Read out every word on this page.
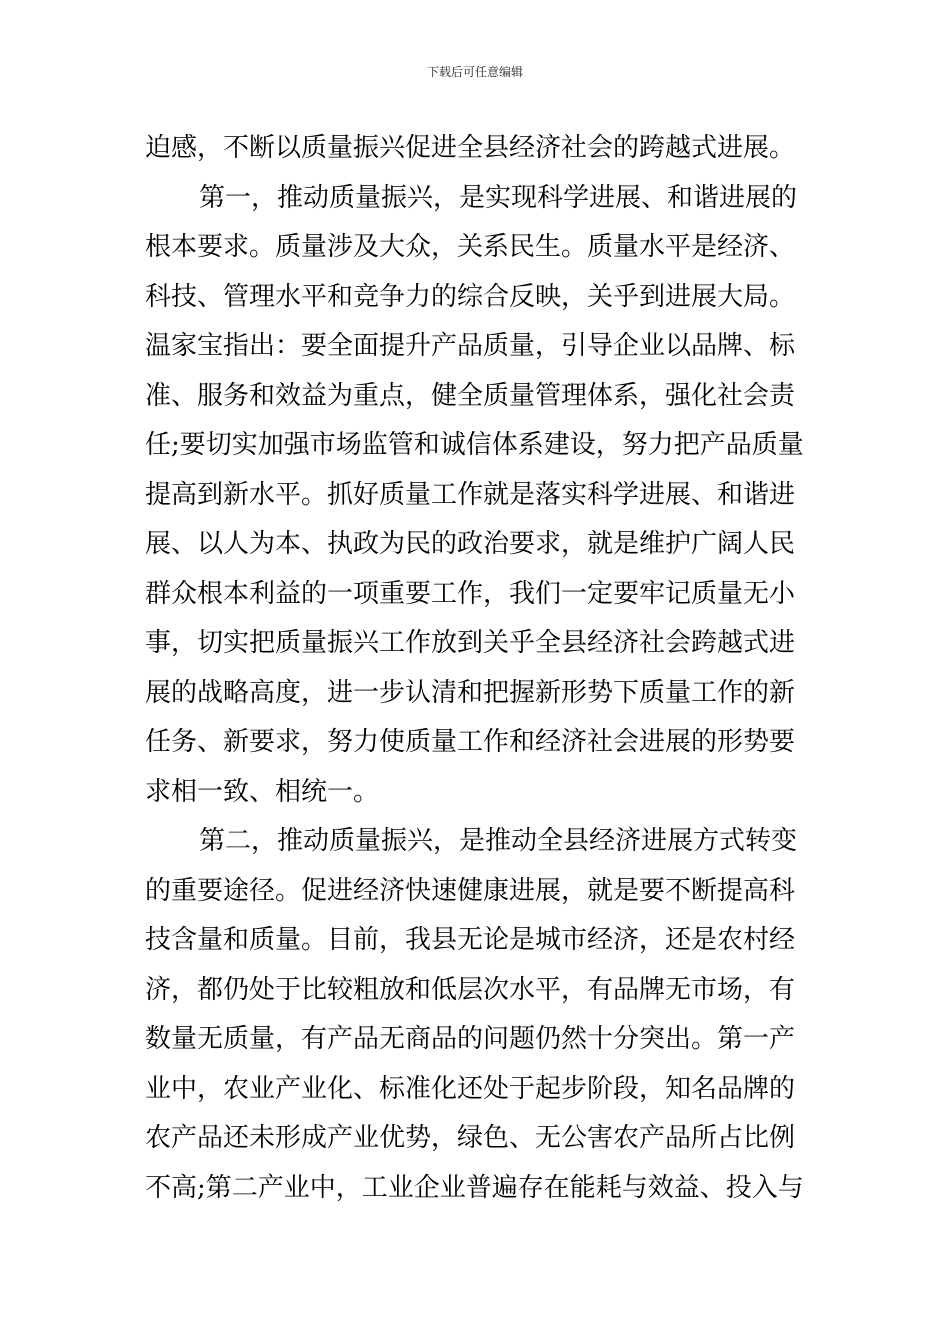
下载后可任意编辑
迫感，不断以质量振兴促进全县经济社会的跨越式进展。
第一，推动质量振兴，是实现科学进展、和谐进展的
根本要求。质量涉及大众，关系民生。质量水平是经济、
科技、管理水平和竞争力的综合反映，关乎到进展大局。
温家宝指出：要全面提升产品质量，引导企业以品牌、标
准、服务和效益为重点，健全质量管理体系，强化社会责
任;要切实加强市场监管和诚信体系建设，努力把产品质量
提高到新水平。抓好质量工作就是落实科学进展、和谐进
展、以人为本、执政为民的政治要求，就是维护广阔人民
群众根本利益的一项重要工作，我们一定要牢记质量无小
事，切实把质量振兴工作放到关乎全县经济社会跨越式进
展的战略高度，进一步认清和把握新形势下质量工作的新
任务、新要求，努力使质量工作和经济社会进展的形势要
求相一致、相统一。
第二，推动质量振兴，是推动全县经济进展方式转变
的重要途径。促进经济快速健康进展，就是要不断提高科
技含量和质量。目前，我县无论是城市经济，还是农村经
济，都仍处于比较粗放和低层次水平，有品牌无市场，有
数量无质量，有产品无商品的问题仍然十分突出。第一产
业中，农业产业化、标准化还处于起步阶段，知名品牌的
农产品还未形成产业优势，绿色、无公害农产品所占比例
不高;第二产业中，工业企业普遍存在能耗与效益、投入与
